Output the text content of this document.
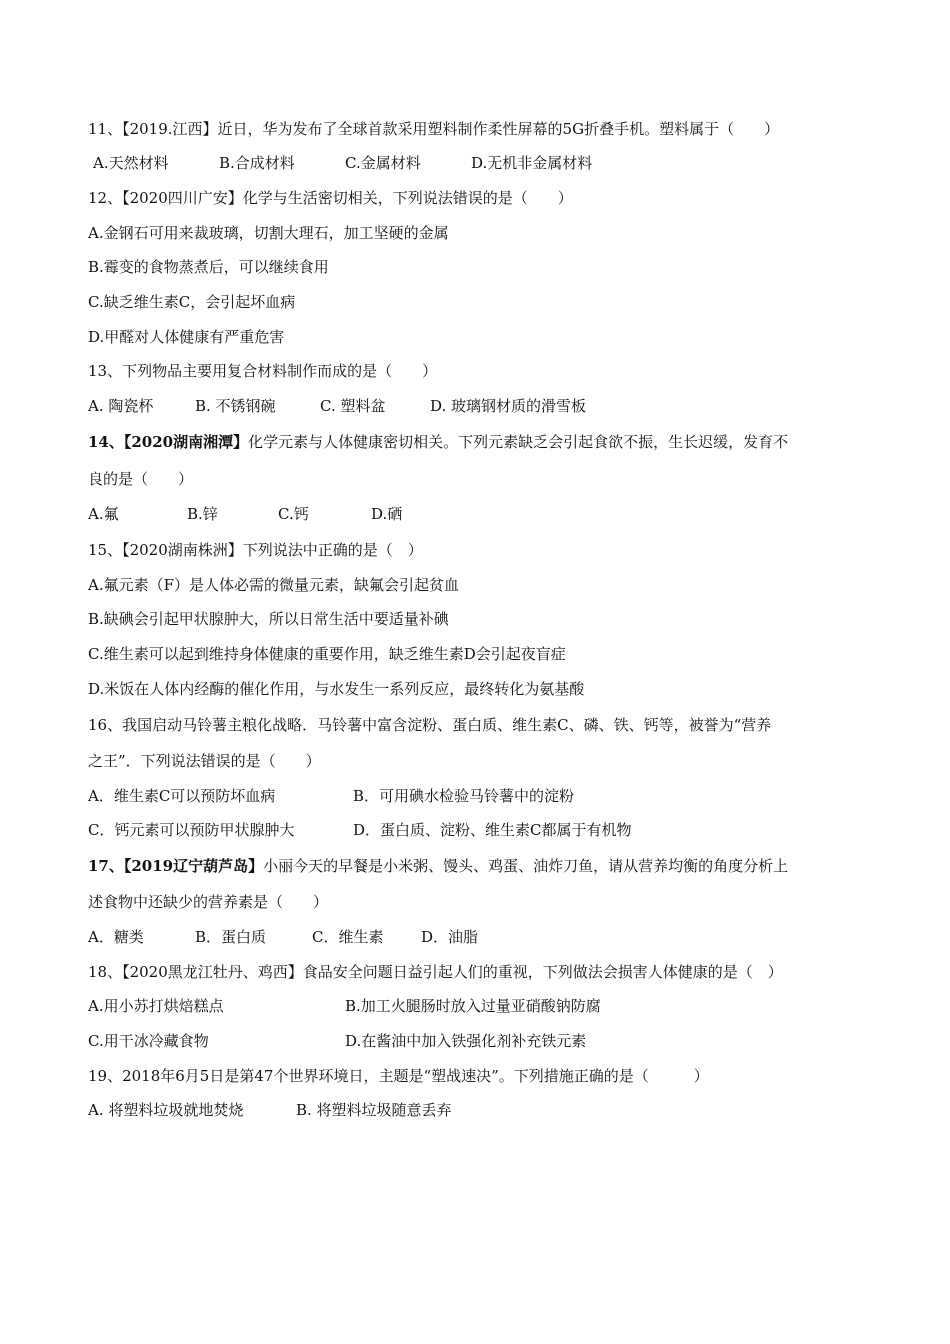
11、【2019.江西】近日，华为发布了全球首款采用塑料制作柔性屏幕的5G折叠手机。塑料属于（　　）
A.天然材料	B.合成材料	C.金属材料	D.无机非金属材料
12、【2020四川广安】化学与生活密切相关，下列说法错误的是（　　）
A.金钢石可用来裁玻璃，切割大理石，加工坚硬的金属
B.霉变的食物蒸煮后，可以继续食用
C.缺乏维生素C，会引起坏血病
D.甲醛对人体健康有严重危害
13、下列物品主要用复合材料制作而成的是（　　）
A. 陶瓷杯	B. 不锈钢碗	C. 塑料盆	D. 玻璃钢材质的滑雪板
14、【2020湖南湘潭】化学元素与人体健康密切相关。下列元素缺乏会引起食欲不振，生长迟缓，发育不
良的是（　　）
A.氟	B.锌	C.钙	D.硒
15、【2020湖南株洲】下列说法中正确的是（　）
A.氟元素（F）是人体必需的微量元素，缺氟会引起贫血
B.缺碘会引起甲状腺肿大，所以日常生活中要适量补碘
C.维生素可以起到维持身体健康的重要作用，缺乏维生素D会引起夜盲症
D.米饭在人体内经酶的催化作用，与水发生一系列反应，最终转化为氨基酸
16、我国启动马铃薯主粮化战略．马铃薯中富含淀粉、蛋白质、维生素C、磷、铁、钙等，被誉为“营养
之王”．下列说法错误的是（　　）
A．维生素C可以预防坏血病	B．可用碘水检验马铃薯中的淀粉
C．钙元素可以预防甲状腺肿大	D．蛋白质、淀粉、维生素C都属于有机物
17、【2019辽宁葫芦岛】小丽今天的早餐是小米粥、馒头、鸡蛋、油炸刀鱼，请从营养均衡的角度分析上
述食物中还缺少的营养素是（　　）
A．糖类	B．蛋白质	C．维生素	D．油脂
18、【2020黑龙江牡丹、鸡西】食品安全问题日益引起人们的重视，下列做法会损害人体健康的是（　）
A.用小苏打烘焙糕点	B.加工火腿肠时放入过量亚硝酸钠防腐
C.用干冰冷藏食物	D.在酱油中加入铁强化剂补充铁元素
19、2018年6月5日是第47个世界环境日，主题是“塑战速决”。下列措施正确的是（　　　）
A. 将塑料垃圾就地焚烧	B. 将塑料垃圾随意丢弃
